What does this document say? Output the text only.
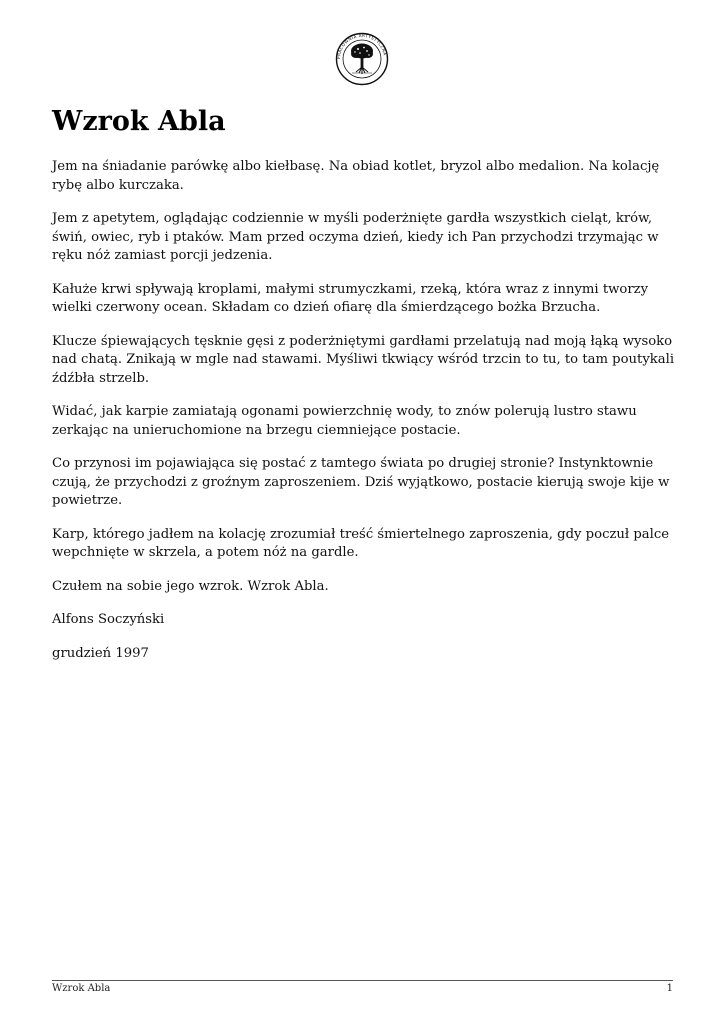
PRACOWNIA ARTYSTYCZNA
Wzrok Abla

Jem na śniadanie parówkę albo kiełbasę. Na obiad kotlet, bryzol albo medalion. Na kolację rybę albo kurczaka.

Jem z apetytem, oglądając codziennie w myśli poderżnięte gardła wszystkich cieląt, krów, świń, owiec, ryb i ptaków. Mam przed oczyma dzień, kiedy ich Pan przychodzi trzymając w ręku nóż zamiast porcji jedzenia.

Kałuże krwi spływają kroplami, małymi strumyczkami, rzeką, która wraz z innymi tworzy wielki czerwony ocean. Składam co dzień ofiarę dla śmierdzącego bożka Brzucha.

Klucze śpiewających tęsknie gęsi z poderżniętymi gardłami przelatują nad moją łąką wysoko nad chatą. Znikają w mgle nad stawami. Myśliwi tkwiący wśród trzcin to tu, to tam poutykali źdźbła strzelb.

Widać, jak karpie zamiatają ogonami powierzchnię wody, to znów polerują lustro stawu zerkając na unieruchomione na brzegu ciemniejące postacie.

Co przynosi im pojawiająca się postać z tamtego świata po drugiej stronie? Instynktownie czują, że przychodzi z groźnym zaproszeniem. Dziś wyjątkowo, postacie kierują swoje kije w powietrze.

Karp, którego jadłem na kolację zrozumiał treść śmiertelnego zaproszenia, gdy poczuł palce wepchnięte w skrzela, a potem nóż na gardle.

Czułem na sobie jego wzrok. Wzrok Abla.

Alfons Soczyński

grudzień 1997

Wzrok Abla	1
